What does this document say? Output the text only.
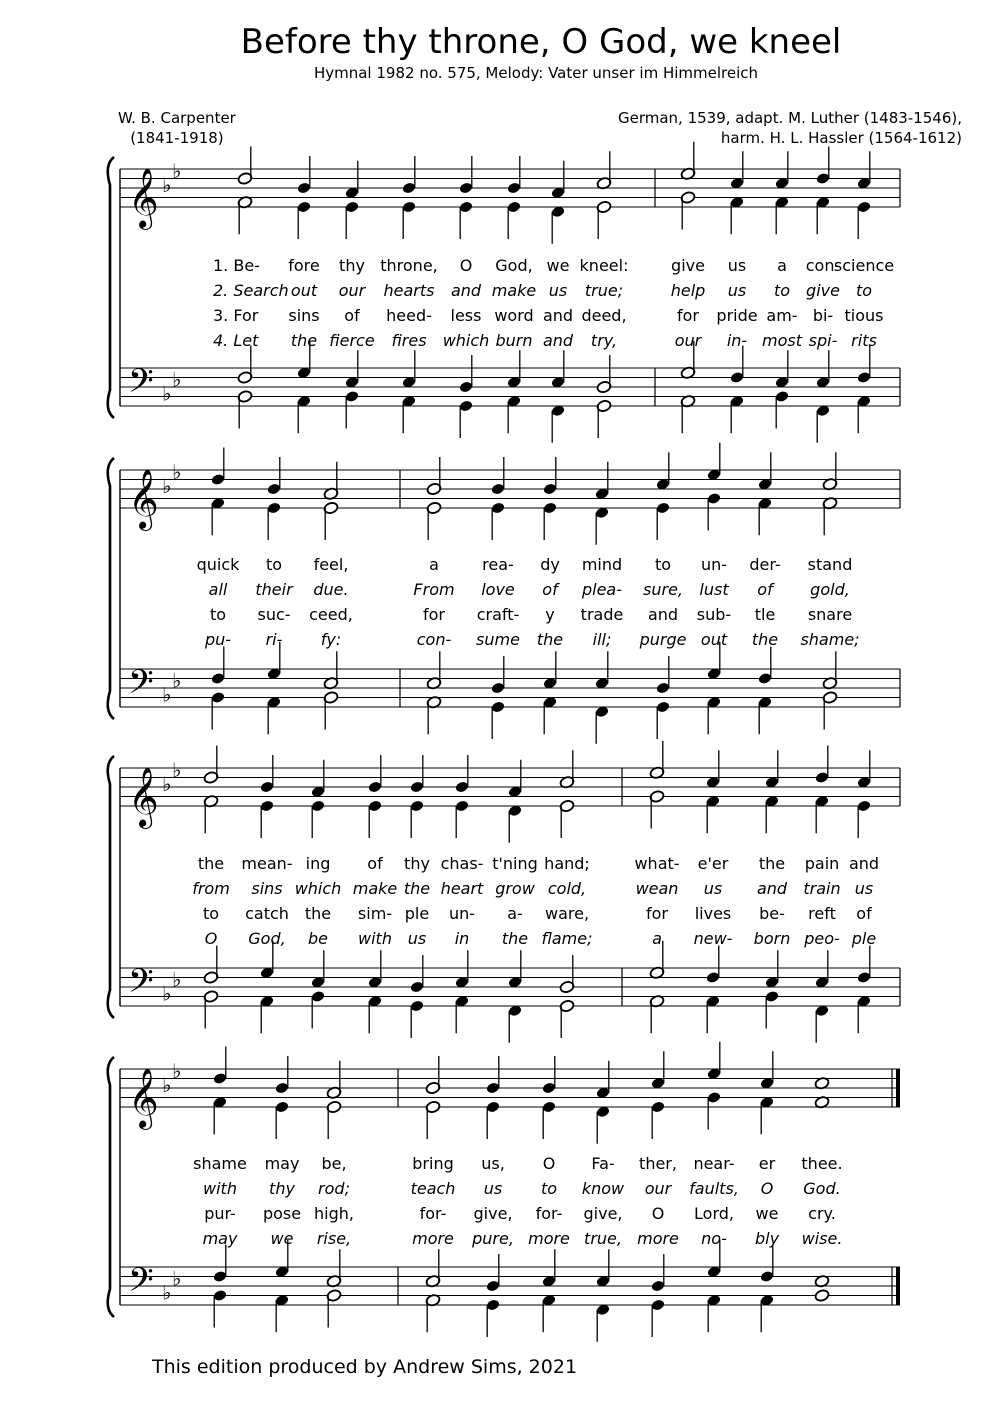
Before thy throne, O God, we kneel
Hymnal 1982 no. 575, Melody: Vater unser im Himmelreich
W. B. Carpenter
(1841-1918)
German, 1539, adapt. M. Luther (1483-1546),
harm. H. L. Hassler (1564-1612)
𝄞 ♭
♭
𝄢 ♭
♭
𝄞 ♭
♭
𝄢 ♭
♭
𝄞 ♭
♭
𝄢 ♭
♭
𝄞 ♭
♭
𝄢 ♭
♭
1. Be- fore thy throne, O God, we kneel:	give us a con-
science
2. Search out our hearts and make us true;	help us to give to
3. For sins of heed- less word and deed,	for pride am- bi- tious
4. Let the fierce fires which burn and try,	our in- most spi- rits
quick to feel,	a	rea- dy mind to un- der- stand
all their due.	From love of plea- sure, lust of gold,
to suc- ceed,	for craft- y trade and sub- tle snare
pu- ri- fy:	con- sume the ill; purge out the shame;
the mean- ing of thy chas- t'ning hand;	what- e'er the pain and
from sins which make the heart grow cold,	wean us and train us
to catch the sim- ple un- a- ware,	for lives be- reft of
O God, be with us in the flame;	a new- born peo- ple
shame may be,	bring us, O Fa- ther, near- er thee.
with thy rod;	teach us to know our faults, O God.
pur- pose high,	for- give, for- give, O Lord, we cry.
may we rise,	more pure, more true, more no- bly wise.
This edition produced by Andrew Sims, 2021
